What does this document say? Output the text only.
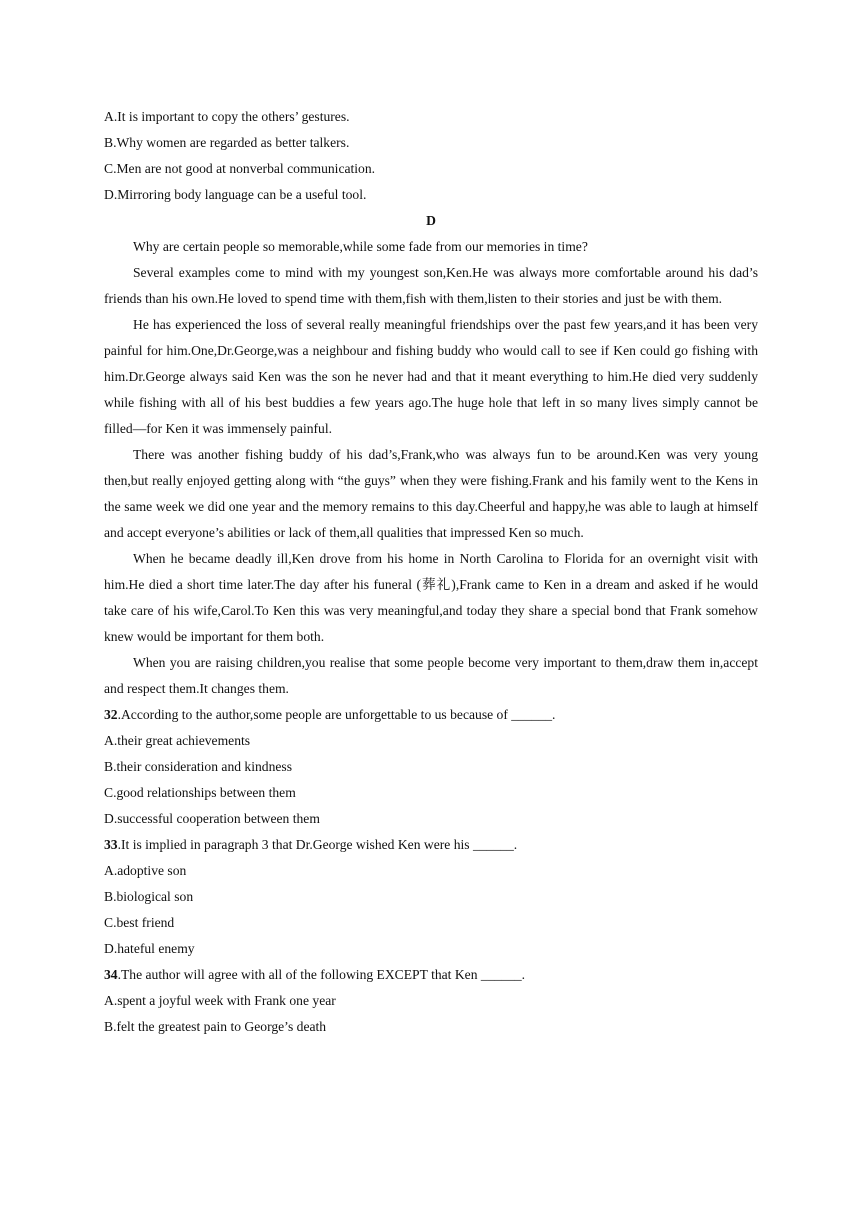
A.It is important to copy the others’ gestures.

B.Why women are regarded as better talkers.

C.Men are not good at nonverbal communication.

D.Mirroring body language can be a useful tool.

D

Why are certain people so memorable,while some fade from our memories in time?

Several examples come to mind with my youngest son,Ken.He was always more comfortable around his dad’s friends than his own.He loved to spend time with them,fish with them,listen to their stories and just be with them.

He has experienced the loss of several really meaningful friendships over the past few years,and it has been very painful for him.One,Dr.George,was a neighbour and fishing buddy who would call to see if Ken could go fishing with him.Dr.George always said Ken was the son he never had and that it meant everything to him.He died very suddenly while fishing with all of his best buddies a few years ago.The huge hole that left in so many lives simply cannot be filled—for Ken it was immensely painful.

There was another fishing buddy of his dad’s,Frank,who was always fun to be around.Ken was very young then,but really enjoyed getting along with “the guys” when they were fishing.Frank and his family went to the Kens in the same week we did one year and the memory remains to this day.Cheerful and happy,he was able to laugh at himself and accept everyone’s abilities or lack of them,all qualities that impressed Ken so much.

When he became deadly ill,Ken drove from his home in North Carolina to Florida for an overnight visit with him.He died a short time later.The day after his funeral (葬礼),Frank came to Ken in a dream and asked if he would take care of his wife,Carol.To Ken this was very meaningful,and today they share a special bond that Frank somehow knew would be important for them both.

When you are raising children,you realise that some people become very important to them,draw them in,accept and respect them.It changes them.

32.According to the author,some people are unforgettable to us because of ______.

A.their great achievements

B.their consideration and kindness

C.good relationships between them

D.successful cooperation between them

33.It is implied in paragraph 3 that Dr.George wished Ken were his ______.

A.adoptive son

B.biological son

C.best friend

D.hateful enemy

34.The author will agree with all of the following EXCEPT that Ken ______.

A.spent a joyful week with Frank one year

B.felt the greatest pain to George’s death
